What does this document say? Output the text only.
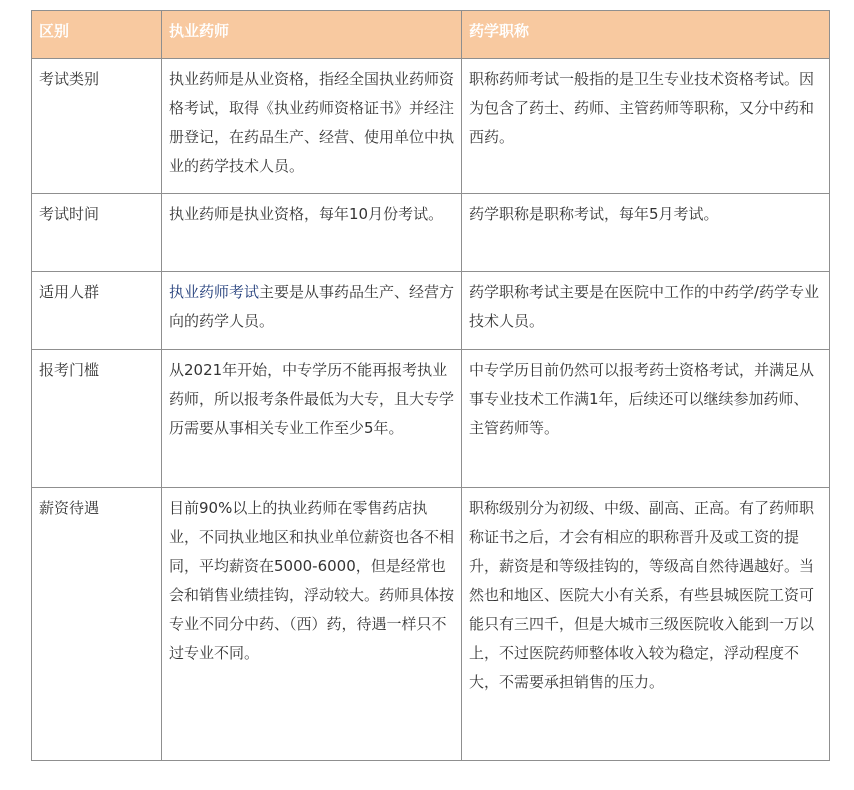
区别	执业药师	药学职称
考试类别	执业药师是从业资格，指经全国执业药师资格考试，取得《执业药师资格证书》并经注册登记，在药品生产、经营、使用单位中执业的药学技术人员。	职称药师考试一般指的是卫生专业技术资格考试。因为包含了药士、药师、主管药师等职称，又分中药和西药。
考试时间	执业药师是执业资格，每年10月份考试。	药学职称是职称考试，每年5月考试。
适用人群	执业药师考试主要是从事药品生产、经营方向的药学人员。	药学职称考试主要是在医院中工作的中药学/药学专业技术人员。
报考门槛	从2021年开始，中专学历不能再报考执业药师，所以报考条件最低为大专，且大专学历需要从事相关专业工作至少5年。	中专学历目前仍然可以报考药士资格考试，并满足从事专业技术工作满1年，后续还可以继续参加药师、主管药师等。
薪资待遇	目前90%以上的执业药师在零售药店执业，不同执业地区和执业单位薪资也各不相同，平均薪资在5000-6000，但是经常也会和销售业绩挂钩，浮动较大。药师具体按专业不同分中药、（西）药，待遇一样只不过专业不同。	职称级别分为初级、中级、副高、正高。有了药师职称证书之后，才会有相应的职称晋升及或工资的提升，薪资是和等级挂钩的，等级高自然待遇越好。当然也和地区、医院大小有关系，有些县城医院工资可能只有三四千，但是大城市三级医院收入能到一万以上，不过医院药师整体收入较为稳定，浮动程度不大，不需要承担销售的压力。
